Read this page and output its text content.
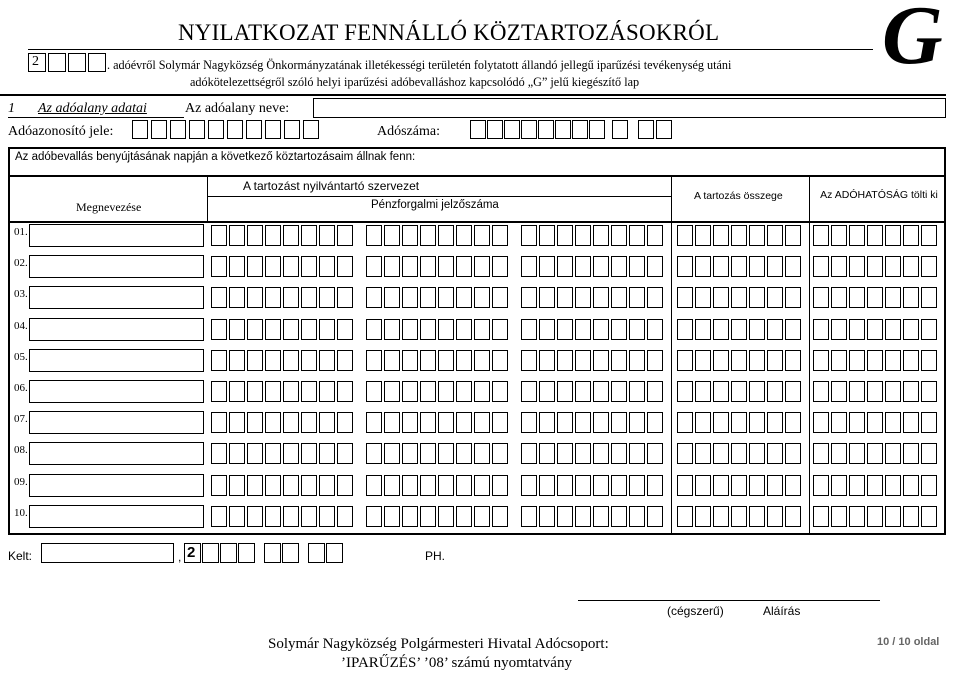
NYILATKOZAT FENNÁLLÓ KÖZTARTOZÁSOKRÓL
2	. adóévről Solymár Nagyközség Önkormányzatának illetékességi területén folytatott állandó jellegű iparűzési tevékenység utáni
adókötelezettségről szóló helyi iparűzési adóbevalláshoz kapcsolódó „G” jelű kiegészítő lap	G
1 Az adóalany adatai	Az adóalany neve:
Adóazonosító jele:	Adószáma:
Az adóbevallás benyújtásának napján a következő köztartozásaim állnak fenn:
Megnevezése
A tartozást nyilvántartó szervezet
Pénzforgalmi jelzőszáma
A tartozás összege	Az ADÓHATÓSÁG tölti ki
01.
02.
03.
04.
05.
06.
07.
08.
09.
10.
Kelt:	, 2	PH.
(cégszerű)	Aláírás
Solymár Nagyközség Polgármesteri Hivatal Adócsoport:
’IPARŰZÉS’ ’08’ számú nyomtatvány
10 / 10 oldal
